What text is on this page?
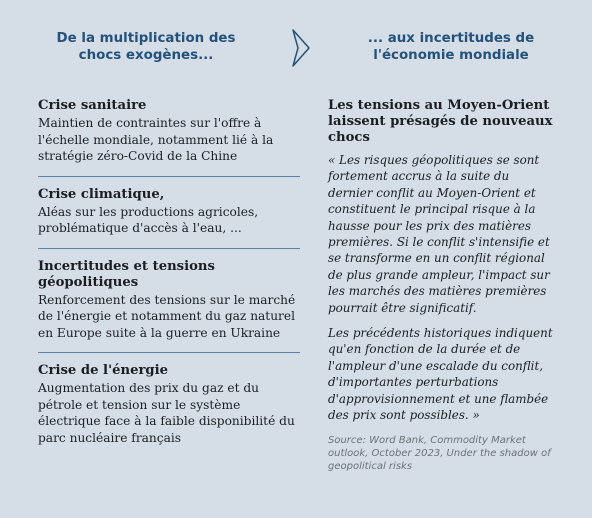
De la multiplication des chocs exogènes...
... aux incertitudes de l'économie mondiale
Crise sanitaire
Maintien de contraintes sur l'offre à l'échelle mondiale, notamment lié à la stratégie zéro-Covid de la Chine
Crise climatique,
Aléas sur les productions agricoles, problématique d'accès à l'eau, ...
Incertitudes et tensions géopolitiques
Renforcement des tensions sur le marché de l'énergie et notamment du gaz naturel en Europe suite à la guerre en Ukraine
Crise de l'énergie
Augmentation des prix du gaz et du pétrole et tension sur le système électrique face à la faible disponibilité du parc nucléaire français
Les tensions au Moyen-Orient laissent présagés de nouveaux chocs
« Les risques géopolitiques se sont fortement accrus à la suite du dernier conflit au Moyen-Orient et constituent le principal risque à la hausse pour les prix des matières premières. Si le conflit s'intensifie et se transforme en un conflit régional de plus grande ampleur, l'impact sur les marchés des matières premières pourrait être significatif.
Les précédents historiques indiquent qu'en fonction de la durée et de l'ampleur d'une escalade du conflit, d'importantes perturbations d'approvisionnement et une flambée des prix sont possibles. »
Source: Word Bank, Commodity Market outlook, October 2023, Under the shadow of geopolitical risks
